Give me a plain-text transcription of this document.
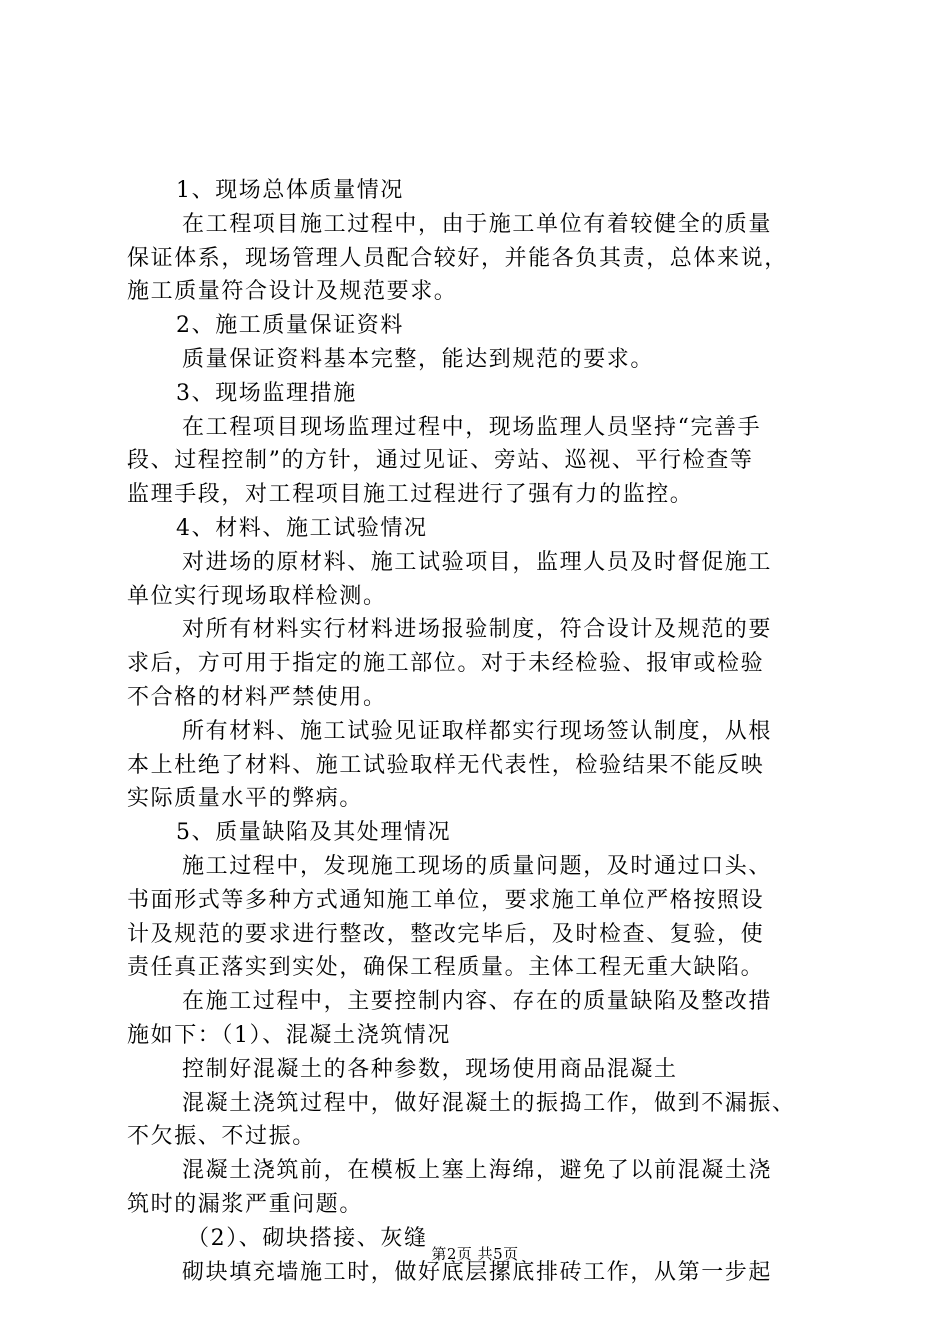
1、现场总体质量情况
在工程项目施工过程中，由于施工单位有着较健全的质量
保证体系，现场管理人员配合较好，并能各负其责，总体来说，
施工质量符合设计及规范要求。
2、施工质量保证资料
质量保证资料基本完整，能达到规范的要求。
3、现场监理措施
在工程项目现场监理过程中，现场监理人员坚持“完善手
段、过程控制”的方针，通过见证、旁站、巡视、平行检查等
监理手段，对工程项目施工过程进行了强有力的监控。
4、材料、施工试验情况
对进场的原材料、施工试验项目，监理人员及时督促施工
单位实行现场取样检测。
对所有材料实行材料进场报验制度，符合设计及规范的要
求后，方可用于指定的施工部位。对于未经检验、报审或检验
不合格的材料严禁使用。
所有材料、施工试验见证取样都实行现场签认制度，从根
本上杜绝了材料、施工试验取样无代表性，检验结果不能反映
实际质量水平的弊病。
5、质量缺陷及其处理情况
施工过程中，发现施工现场的质量问题，及时通过口头、
书面形式等多种方式通知施工单位，要求施工单位严格按照设
计及规范的要求进行整改，整改完毕后，及时检查、复验，使
责任真正落实到实处，确保工程质量。主体工程无重大缺陷。
在施工过程中，主要控制内容、存在的质量缺陷及整改措
施如下：（1）、混凝土浇筑情况
控制好混凝土的各种参数，现场使用商品混凝土
混凝土浇筑过程中，做好混凝土的振捣工作，做到不漏振、
不欠振、不过振。
混凝土浇筑前，在模板上塞上海绵，避免了以前混凝土浇
筑时的漏浆严重问题。
（2）、砌块搭接、灰缝
砌块填充墙施工时，做好底层摞底排砖工作，从第一步起
第2页 共5页
